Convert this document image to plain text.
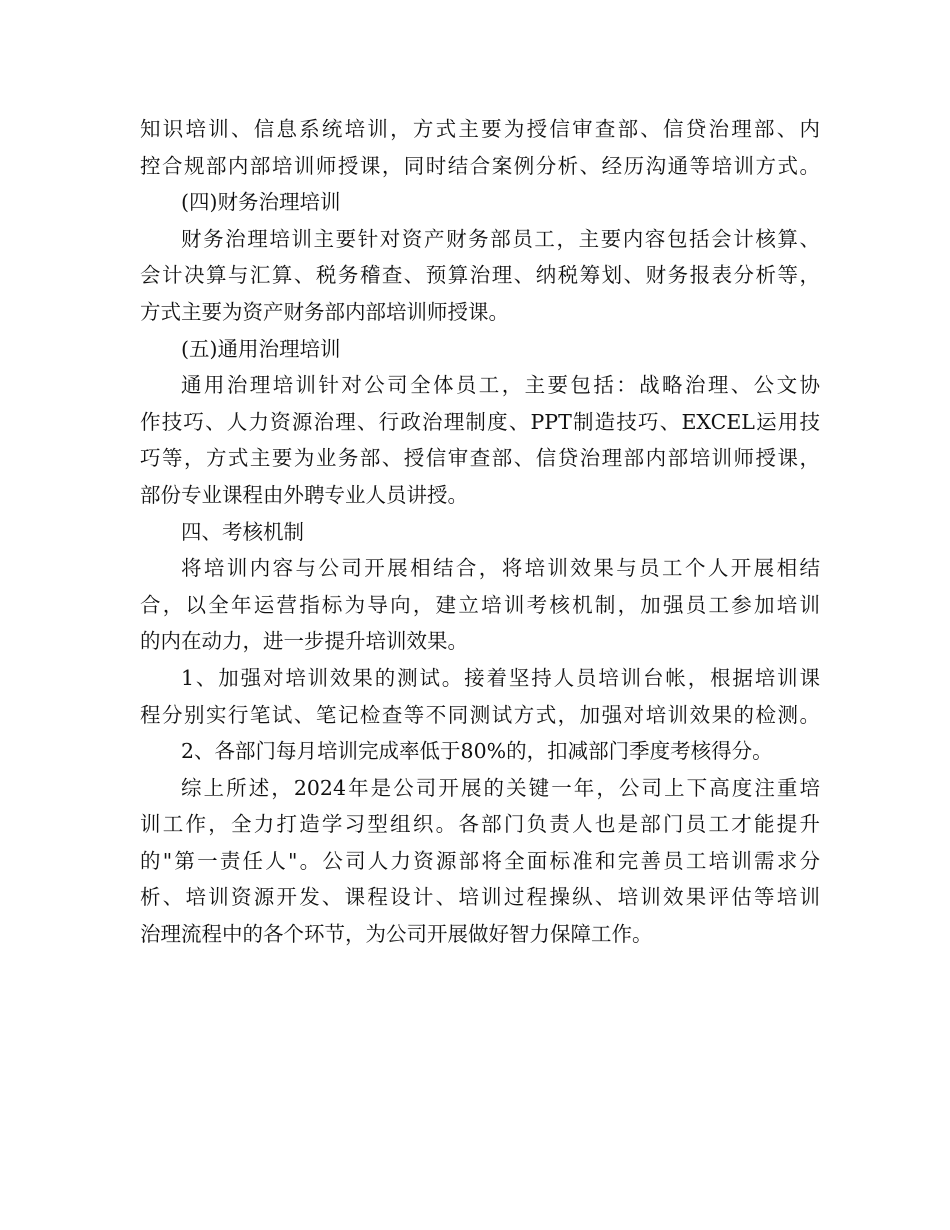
知识培训、信息系统培训，方式主要为授信审查部、信贷治理部、内
控合规部内部培训师授课，同时结合案例分析、经历沟通等培训方式。
(四)财务治理培训
财务治理培训主要针对资产财务部员工，主要内容包括会计核算、
会计决算与汇算、税务稽查、预算治理、纳税筹划、财务报表分析等，
方式主要为资产财务部内部培训师授课。
(五)通用治理培训
通用治理培训针对公司全体员工，主要包括：战略治理、公文协
作技巧、人力资源治理、行政治理制度、PPT制造技巧、EXCEL运用技
巧等，方式主要为业务部、授信审查部、信贷治理部内部培训师授课，
部份专业课程由外聘专业人员讲授。
四、考核机制
将培训内容与公司开展相结合，将培训效果与员工个人开展相结
合，以全年运营指标为导向，建立培训考核机制，加强员工参加培训
的内在动力，进一步提升培训效果。
1、加强对培训效果的测试。接着坚持人员培训台帐，根据培训课
程分别实行笔试、笔记检查等不同测试方式，加强对培训效果的检测。
2、各部门每月培训完成率低于80%的，扣减部门季度考核得分。
综上所述，2024年是公司开展的关键一年，公司上下高度注重培
训工作，全力打造学习型组织。各部门负责人也是部门员工才能提升
的"第一责任人"。公司人力资源部将全面标准和完善员工培训需求分
析、培训资源开发、课程设计、培训过程操纵、培训效果评估等培训
治理流程中的各个环节，为公司开展做好智力保障工作。
